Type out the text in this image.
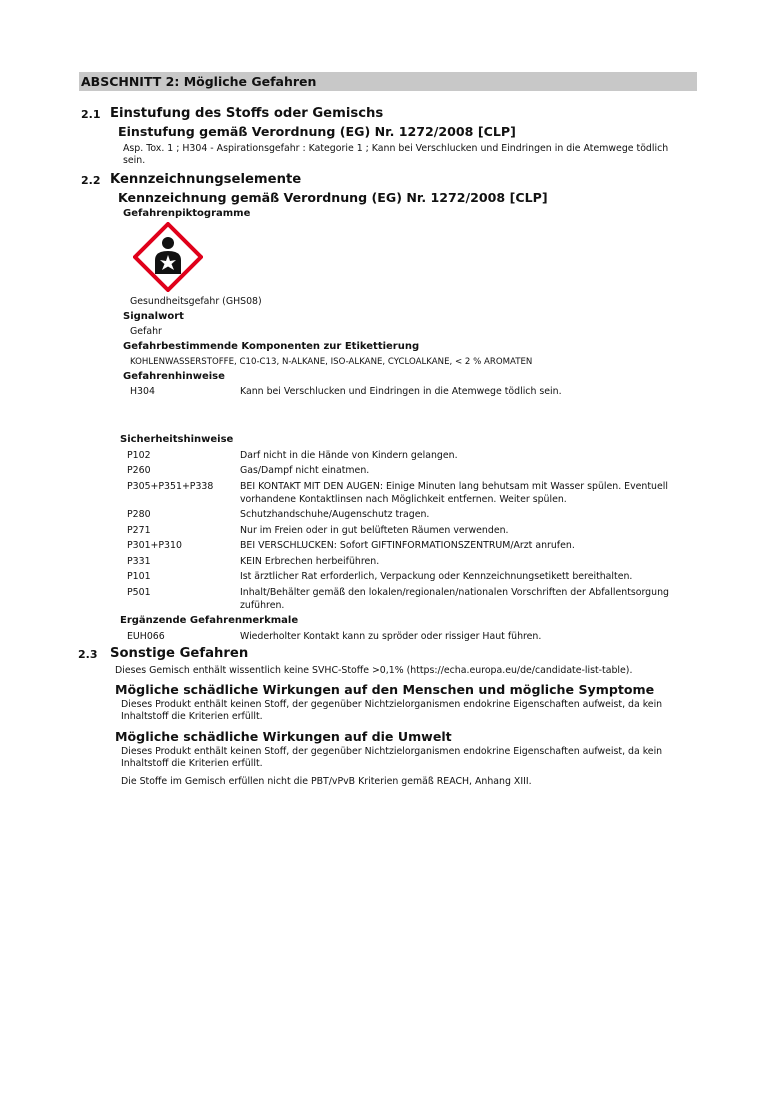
ABSCHNITT 2: Mögliche Gefahren
2.1 Einstufung des Stoffs oder Gemischs
Einstufung gemäß Verordnung (EG) Nr. 1272/2008 [CLP]
Asp. Tox. 1 ; H304 - Aspirationsgefahr : Kategorie 1 ; Kann bei Verschlucken und Eindringen in die Atemwege tödlich
sein.
2.2 Kennzeichnungselemente
Kennzeichnung gemäß Verordnung (EG) Nr. 1272/2008 [CLP]
Gefahrenpiktogramme
Gesundheitsgefahr (GHS08)
Signalwort
Gefahr
Gefahrbestimmende Komponenten zur Etikettierung
KOHLENWASSERSTOFFE, C10-C13, N-ALKANE, ISO-ALKANE, CYCLOALKANE, < 2 % AROMATEN
Gefahrenhinweise
H304	Kann bei Verschlucken und Eindringen in die Atemwege tödlich sein.
Sicherheitshinweise
P102	Darf nicht in die Hände von Kindern gelangen.
P260	Gas/Dampf nicht einatmen.
P305+P351+P338	BEI KONTAKT MIT DEN AUGEN: Einige Minuten lang behutsam mit Wasser spülen. Eventuell
vorhandene Kontaktlinsen nach Möglichkeit entfernen. Weiter spülen.
P280	Schutzhandschuhe/Augenschutz tragen.
P271	Nur im Freien oder in gut belüfteten Räumen verwenden.
P301+P310	BEI VERSCHLUCKEN: Sofort GIFTINFORMATIONSZENTRUM/Arzt anrufen.
P331	KEIN Erbrechen herbeiführen.
P101	Ist ärztlicher Rat erforderlich, Verpackung oder Kennzeichnungsetikett bereithalten.
P501	Inhalt/Behälter gemäß den lokalen/regionalen/nationalen Vorschriften der Abfallentsorgung
zuführen.
Ergänzende Gefahrenmerkmale
EUH066	Wiederholter Kontakt kann zu spröder oder rissiger Haut führen.
2.3 Sonstige Gefahren
Dieses Gemisch enthält wissentlich keine SVHC-Stoffe >0,1% (https://echa.europa.eu/de/candidate-list-table).
Mögliche schädliche Wirkungen auf den Menschen und mögliche Symptome
Dieses Produkt enthält keinen Stoff, der gegenüber Nichtzielorganismen endokrine Eigenschaften aufweist, da kein
Inhaltstoff die Kriterien erfüllt.
Mögliche schädliche Wirkungen auf die Umwelt
Dieses Produkt enthält keinen Stoff, der gegenüber Nichtzielorganismen endokrine Eigenschaften aufweist, da kein
Inhaltstoff die Kriterien erfüllt.
Die Stoffe im Gemisch erfüllen nicht die PBT/vPvB Kriterien gemäß REACH, Anhang XIII.
